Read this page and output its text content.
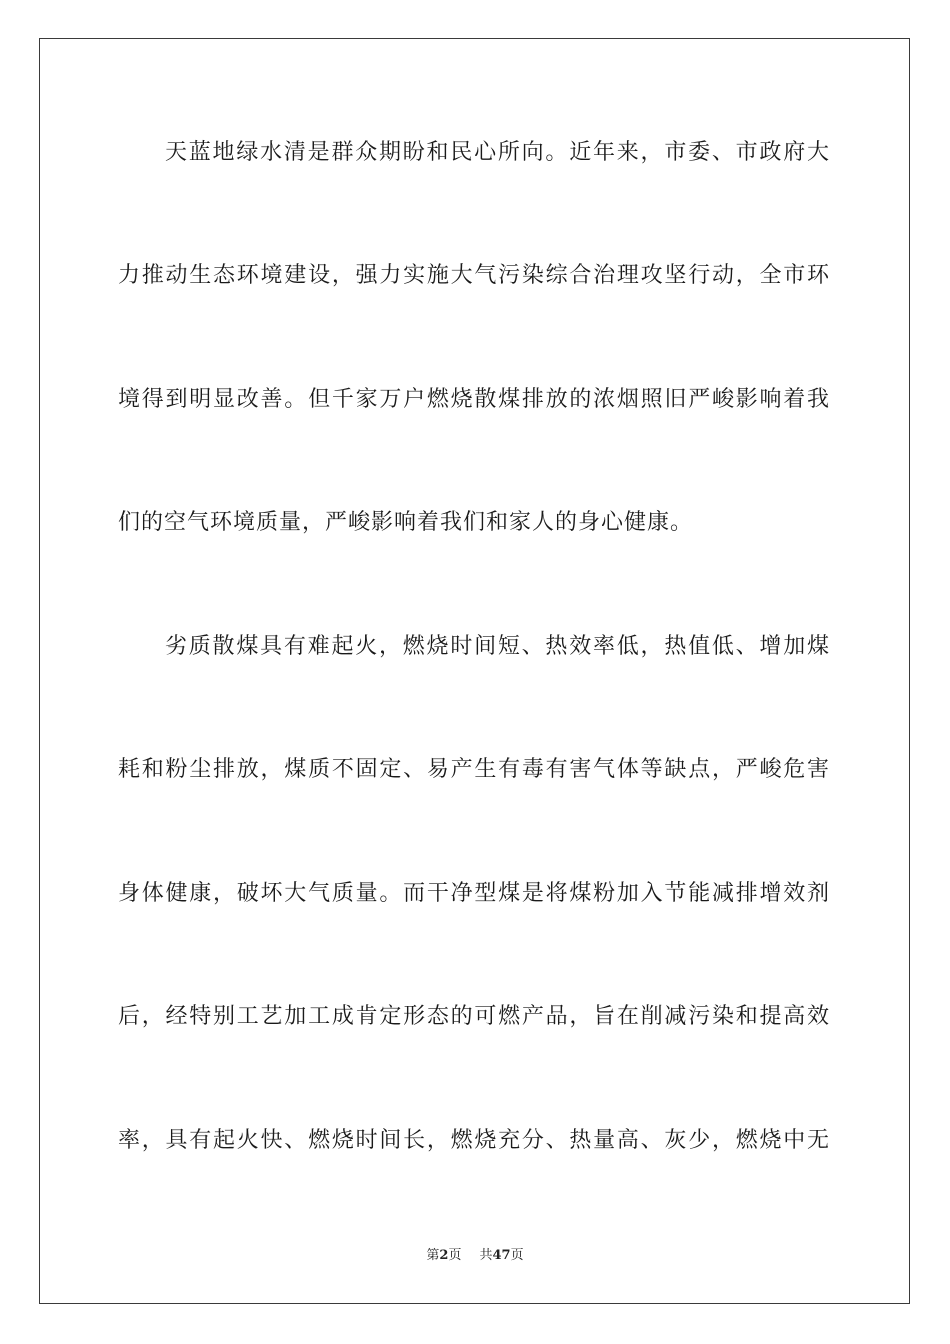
天蓝地绿水清是群众期盼和民心所向。近年来，市委、市政府大
力推动生态环境建设，强力实施大气污染综合治理攻坚行动，全市环
境得到明显改善。但千家万户燃烧散煤排放的浓烟照旧严峻影响着我
们的空气环境质量，严峻影响着我们和家人的身心健康。
劣质散煤具有难起火，燃烧时间短、热效率低，热值低、增加煤
耗和粉尘排放，煤质不固定、易产生有毒有害气体等缺点，严峻危害
身体健康，破坏大气质量。而干净型煤是将煤粉加入节能减排增效剂
后，经特别工艺加工成肯定形态的可燃产品，旨在削减污染和提高效
率，具有起火快、燃烧时间长，燃烧充分、热量高、灰少，燃烧中无
第2页 共47页
